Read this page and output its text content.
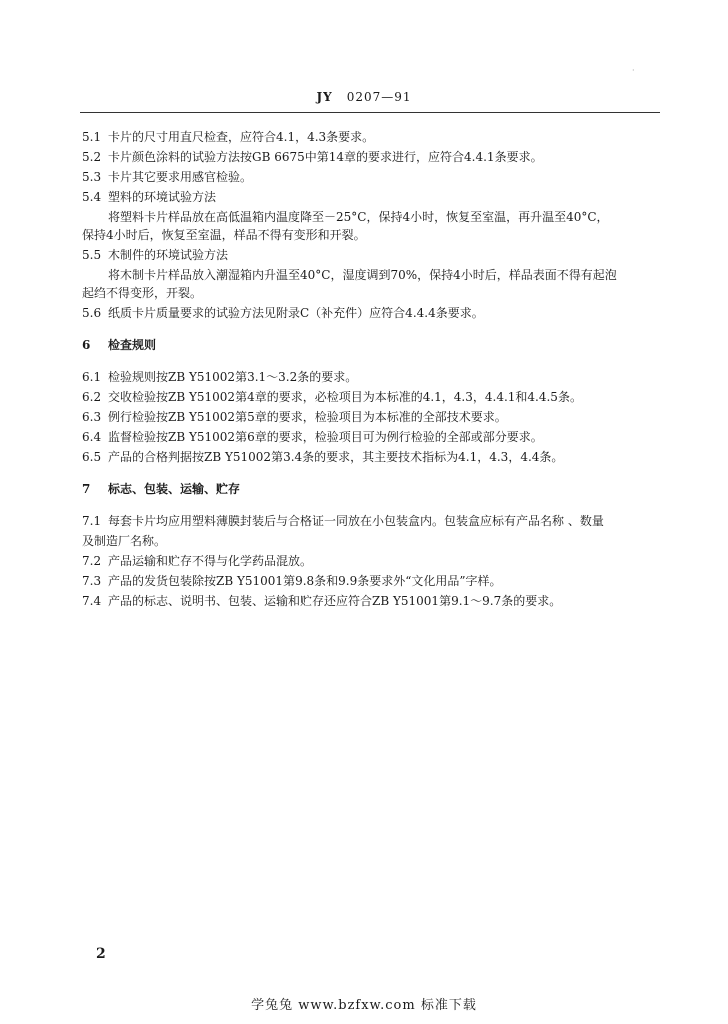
·
JY 0207—91

5.1 卡片的尺寸用直尺检查，应符合4.1，4.3条要求。

5.2 卡片颜色涂料的试验方法按GB 6675中第14章的要求进行，应符合4.4.1条要求。

5.3 卡片其它要求用感官检验。

5.4 塑料的环境试验方法

将塑料卡片样品放在高低温箱内温度降至－25°C，保持4小时，恢复至室温，再升温至40°C，

保持4小时后，恢复至室温，样品不得有变形和开裂。

5.5 木制件的环境试验方法

将木制卡片样品放入潮湿箱内升温至40°C，湿度调到70%，保持4小时后，样品表面不得有起泡

起绉不得变形，开裂。

5.6 纸质卡片质量要求的试验方法见附录C（补充件）应符合4.4.4条要求。

6 检查规则

6.1 检验规则按ZB Y51002第3.1～3.2条的要求。

6.2 交收检验按ZB Y51002第4章的要求，必检项目为本标准的4.1，4.3，4.4.1和4.4.5条。

6.3 例行检验按ZB Y51002第5章的要求，检验项目为本标准的全部技术要求。

6.4 监督检验按ZB Y51002第6章的要求，检验项目可为例行检验的全部或部分要求。

6.5 产品的合格判据按ZB Y51002第3.4条的要求，其主要技术指标为4.1，4.3，4.4条。

7 标志、包装、运输、贮存

7.1 每套卡片均应用塑料薄膜封装后与合格证一同放在小包装盒内。包装盒应标有产品名称 、数量

及制造厂名称。

7.2 产品运输和贮存不得与化学药品混放。

7.3 产品的发货包装除按ZB Y51001第9.8条和9.9条要求外“文化用品”字样。

7.4 产品的标志、说明书、包装、运输和贮存还应符合ZB Y51001第9.1～9.7条的要求。

2
学兔兔 www.bzfxw.com 标准下载
